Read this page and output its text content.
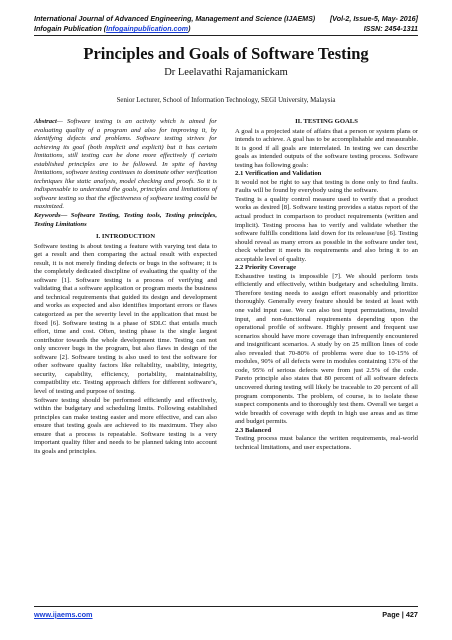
International Journal of Advanced Engineering, Management and Science (IJAEMS) [Vol-2, Issue-5, May- 2016]
Infogain Publication (Infogainpublication.com)	ISSN: 2454-1311
Principles and Goals of Software Testing
Dr Leelavathi Rajamanickam
Senior Lecturer, School of Information Technology, SEGI University, Malaysia

Abstract— Software testing is an activity which is aimed for evaluating quality of a program and also for improving it, by identifying defects and problems. Software testing strives for achieving its goal (both implicit and explicit) but it has certain limitations, still testing can be done more effectively if certain established principles are to be followed. In spite of having limitations, software testing continues to dominate other verification techniques like static analysis, model checking and proofs. So it is indispensable to understand the goals, principles and limitations of software testing so that the effectiveness of software testing could be maximized.

Keywords— Software Testing, Testing tools, Testing principles, Testing Limitations

I. INTRODUCTION

Software testing is about testing a feature with varying test data to get a result and then comparing the actual result with expected result, it is not merely finding defects or bugs in the software; it is the completely dedicated discipline of evaluating the quality of the software [1]. Software testing is a process of verifying and validating that a software application or program meets the business and technical requirements that guided its design and development and works as expected and also identifies important errors or flaws categorized as per the severity level in the application that must be fixed [6]. Software testing is a phase of SDLC that entails much effort, time and cost. Often, testing phase is the single largest contributor towards the whole development time. Testing can not only uncover bugs in the program, but also flaws in design of the software [2]. Software testing is also used to test the software for other software quality factors like reliability, usability, integrity, security, capability, efficiency, portability, maintainability, compatibility etc. Testing approach differs for different software’s, level of testing and purpose of testing.

Software testing should be performed efficiently and effectively, within the budgetary and scheduling limits. Following established principles can make testing easier and more effective, and can also ensure that testing goals are achieved to its maximum. They also ensure that a process is repeatable. Software testing is a very important quality filter and needs to be planned taking into account its goals and principles.

II. TESTING GOALS

A goal is a projected state of affairs that a person or system plans or intends to achieve. A goal has to be accomplishable and measurable. It is good if all goals are interrelated. In testing we can describe goals as intended outputs of the software testing process. Software testing has following goals:

2.1 Verification and Validation

It would not be right to say that testing is done only to find faults. Faults will be found by everybody using the software.

Testing is a quality control measure used to verify that a product works as desired [8]. Software testing provides a status report of the actual product in comparison to product requirements (written and implicit). Testing process has to verify and validate whether the software fulfills conditions laid down for its release/use [6]. Testing should reveal as many errors as possible in the software under test, check whether it meets its requirements and also bring it to an acceptable level of quality.

2.2 Priority Coverage

Exhaustive testing is impossible [7]. We should perform tests efficiently and effectively, within budgetary and scheduling limits. Therefore testing needs to assign effort reasonably and prioritize thoroughly. Generally every feature should be tested at least with one valid input case. We can also test input permutations, invalid input, and non-functional requirements depending upon the operational profile of software. Highly present and frequent use scenarios should have more coverage than infrequently encountered and insignificant scenarios. A study by on 25 million lines of code also revealed that 70-80% of problems were due to 10-15% of modules, 90% of all defects were in modules containing 13% of the code, 95% of serious defects were from just 2.5% of the code. Pareto principle also states that 80 percent of all software defects uncovered during testing will likely be traceable to 20 percent of all program components. The problem, of course, is to isolate these suspect components and to thoroughly test them. Overall we target a wide breadth of coverage with depth in high use areas and as time and budget permits.

2.3 Balanced

Testing process must balance the written requirements, real-world technical limitations, and user expectations.

www.ijaems.com	Page | 427
